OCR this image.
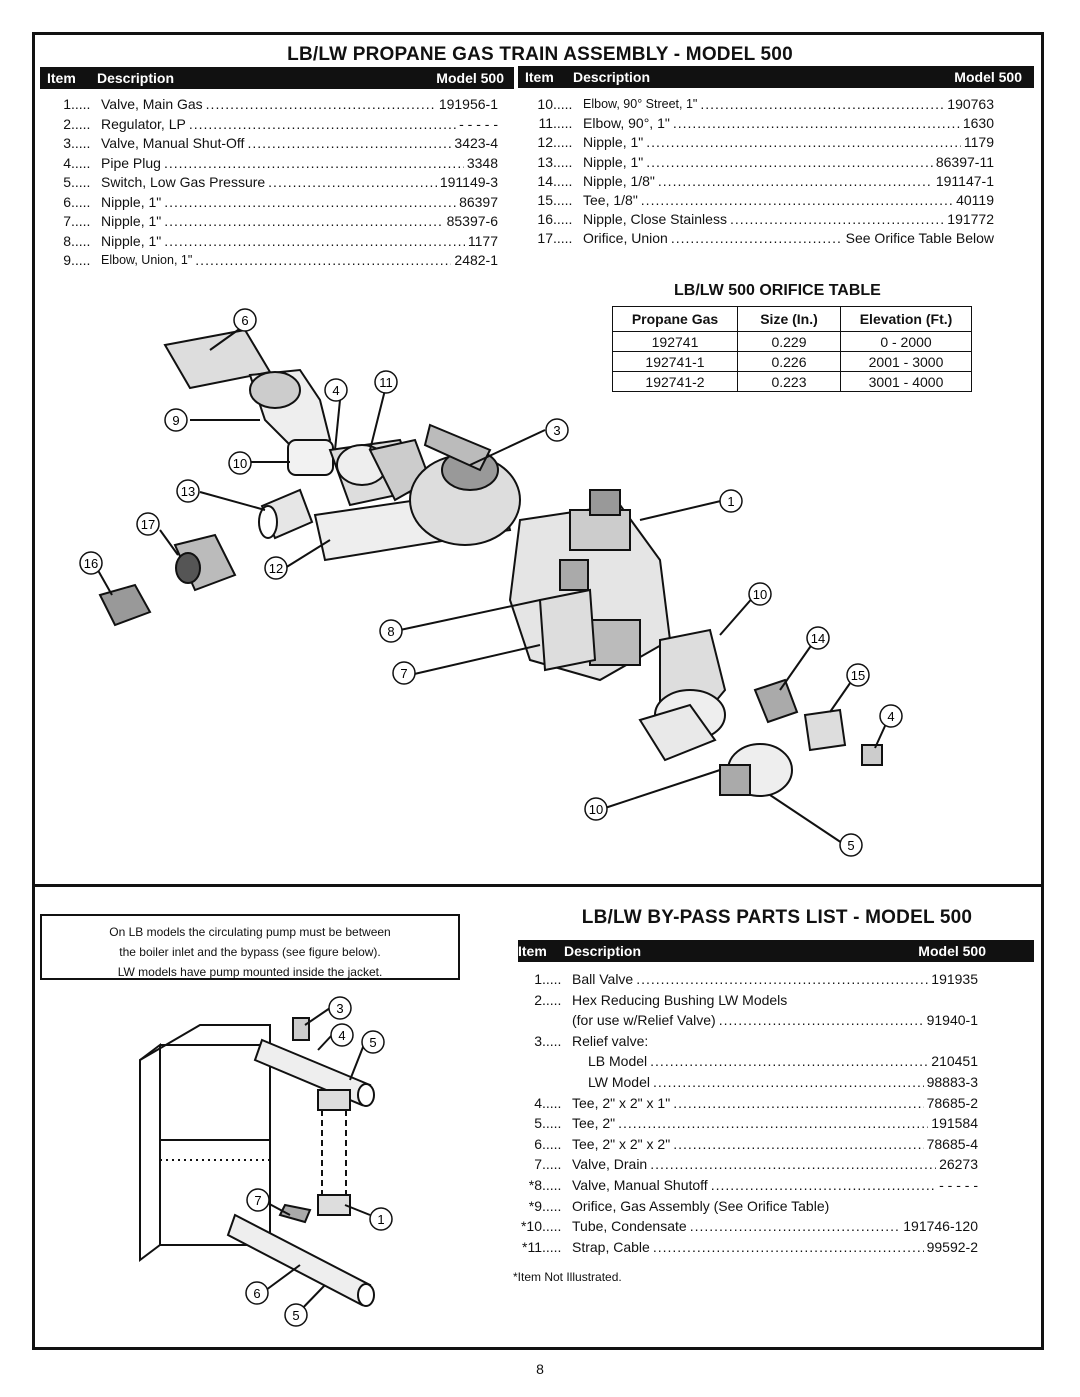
LB/LW PROPANE GAS TRAIN ASSEMBLY - MODEL 500
Item Description	Model 500 Item Description	Model 500
1 ..... Valve, Main Gas .....	191956-1
2 ..... Regulator, LP .....	- - - - -
3 ..... Valve, Manual Shut-Off .....	3423-4
4 ..... Pipe Plug .....	3348
5 ..... Switch, Low Gas Pressure .....	191149-3
6 ..... Nipple, 1" .....	86397
7 ..... Nipple, 1" .....	85397-6
8 ..... Nipple, 1" .....	1177
9 ..... Elbow, Union, 1" .....	2482-1
10 ..... Elbow, 90° Street, 1" .....	190763
11 ..... Elbow, 90°, 1" .....	1630
12 ..... Nipple, 1" .....	1179
13 ..... Nipple, 1" .....	86397-11
14 ..... Nipple, 1/8" .....	191147-1
15 ..... Tee, 1/8" .....	40119
16 ..... Nipple, Close Stainless .....	191772
17 ..... Orifice, Union .....	See Orifice Table Below
LB/LW 500 ORIFICE TABLE
Propane Gas	Size (In.)	Elevation (Ft.)
192741	0.229	0 - 2000
192741-1	0.226	2001 - 3000
192741-2	0.223	3001 - 4000
6
9
4
11
3
10
13
1
17
16	12
10
8	14
15
7
4
10
5
On LB models the circulating pump must be between
the boiler inlet and the bypass (see figure below).
LW models have pump mounted inside the jacket.
LB/LW BY-PASS PARTS LIST - MODEL 500
Item Description	Model 500
1 ..... Ball Valve .....	191935
2 ..... Hex Reducing Bushing LW Models
(for use w/Relief Valve) .....	91940-1
3 ..... Relief valve:
LB Model .....	210451
LW Model .....	98883-3
4 ..... Tee, 2" x 2" x 1" .....	78685-2
5 ..... Tee, 2" .....	191584
6 ..... Tee, 2" x 2" x 2" .....	78685-4
7 ..... Valve, Drain .....	26273
*8 ..... Valve, Manual Shutoff .....	- - - - -
*9 ..... Orifice, Gas Assembly (See Orifice Table)
*10 ..... Tube, Condensate .....	191746-120
*11 ..... Strap, Cable .....	99592-2
*Item Not Illustrated.
3
4 5
7
1
6
5
8
